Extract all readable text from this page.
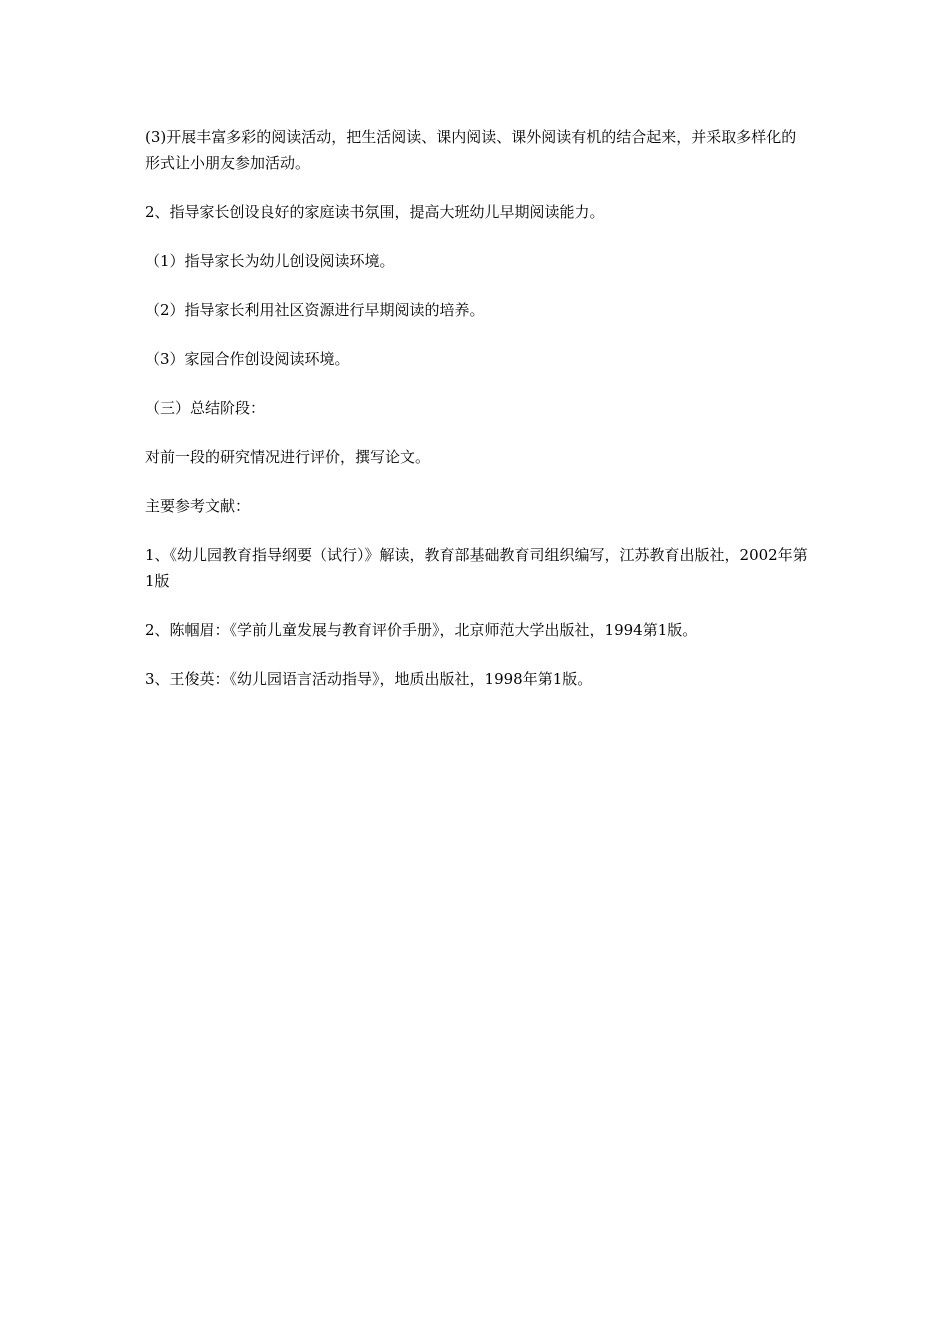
(3)开展丰富多彩的阅读活动，把生活阅读、课内阅读、课外阅读有机的结合起来，并采取多样化的形式让小朋友参加活动。

2、指导家长创设良好的家庭读书氛围，提高大班幼儿早期阅读能力。

（1）指导家长为幼儿创设阅读环境。

（2）指导家长利用社区资源进行早期阅读的培养。

（3）家园合作创设阅读环境。

（三）总结阶段：

对前一段的研究情况进行评价，撰写论文。

主要参考文献：

1、《幼儿园教育指导纲要（试行）》解读，教育部基础教育司组织编写，江苏教育出版社，2002年第1版

2、陈帼眉：《学前儿童发展与教育评价手册》，北京师范大学出版社，1994第1版。

3、王俊英：《幼儿园语言活动指导》，地质出版社，1998年第1版。
